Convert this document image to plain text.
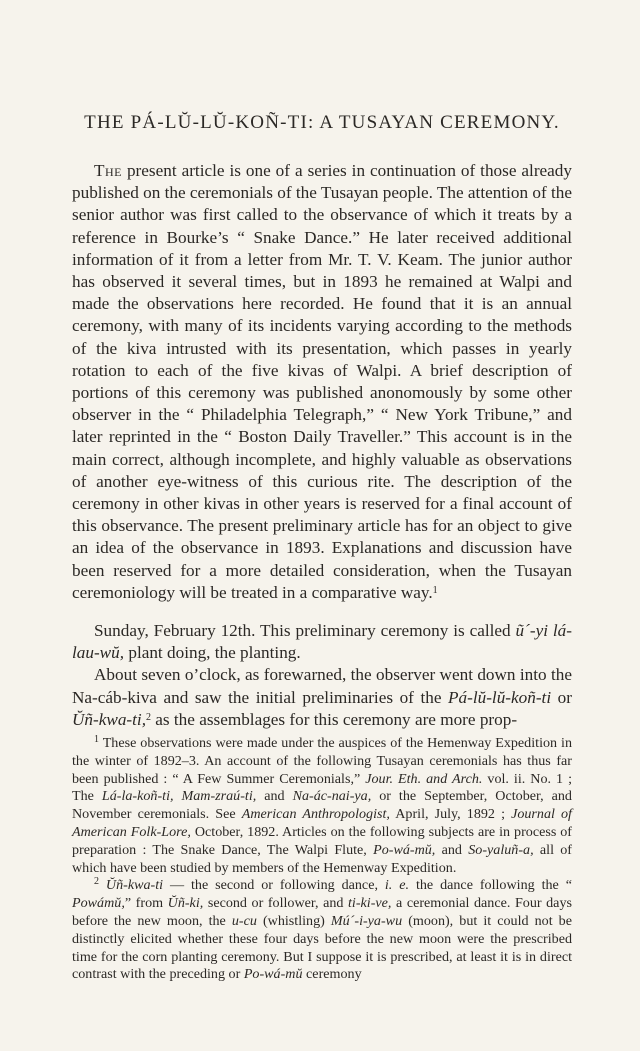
THE PÁ-LŬ-LŬ-KOÑ-TI: A TUSAYAN CEREMONY.

The present article is one of a series in continuation of those already published on the ceremonials of the Tusayan people. The attention of the senior author was first called to the observance of which it treats by a reference in Bourke’s “ Snake Dance.” He later received additional information of it from a letter from Mr. T. V. Keam. The junior author has observed it several times, but in 1893 he remained at Walpi and made the observations here recorded. He found that it is an annual ceremony, with many of its incidents varying according to the methods of the kiva intrusted with its presentation, which passes in yearly rotation to each of the five kivas of Walpi. A brief description of portions of this ceremony was published anonomously by some other observer in the “ Philadelphia Telegraph,” “ New York Tribune,” and later reprinted in the “ Boston Daily Traveller.” This account is in the main correct, although incomplete, and highly valuable as observations of another eye-witness of this curious rite. The description of the ceremony in other kivas in other years is reserved for a final account of this observance. The present preliminary article has for an object to give an idea of the observance in 1893. Explanations and discussion have been reserved for a more detailed consideration, when the Tusayan ceremoniology will be treated in a comparative way.$^1$

Sunday, February 12th. This preliminary ceremony is called ũ´-yi lá-lau-wŭ, plant doing, the planting.

About seven o’clock, as forewarned, the observer went down into the Na-cáb-kiva and saw the initial preliminaries of the Pá-lŭ-lŭ-koñ-ti or Ŭñ-kwa-ti,$^2$ as the assemblages for this ceremony are more prop-

$^1$ These observations were made under the auspices of the Hemenway Expedition in the winter of 1892–3. An account of the following Tusayan ceremonials has thus far been published : “ A Few Summer Ceremonials,” Jour. Eth. and Arch. vol. ii. No. 1 ; The Lá-la-koñ-ti, Mam-zraú-ti, and Na-ác-nai-ya, or the September, October, and November ceremonials. See American Anthropologist, April, July, 1892 ; Journal of American Folk-Lore, October, 1892. Articles on the following subjects are in process of preparation : The Snake Dance, The Walpi Flute, Po-wá-mŭ, and So-yaluñ-a, all of which have been studied by members of the Hemenway Expedition.

$^2$ Ŭñ-kwa-ti — the second or following dance, i. e. the dance following the “ Powámŭ,” from Ŭñ-ki, second or follower, and ti-ki-ve, a ceremonial dance. Four days before the new moon, the u-cu (whistling) Mú´-i-ya-wu (moon), but it could not be distinctly elicited whether these four days before the new moon were the prescribed time for the corn planting ceremony. But I suppose it is prescribed, at least it is in direct contrast with the preceding or Po-wá-mŭ ceremony
